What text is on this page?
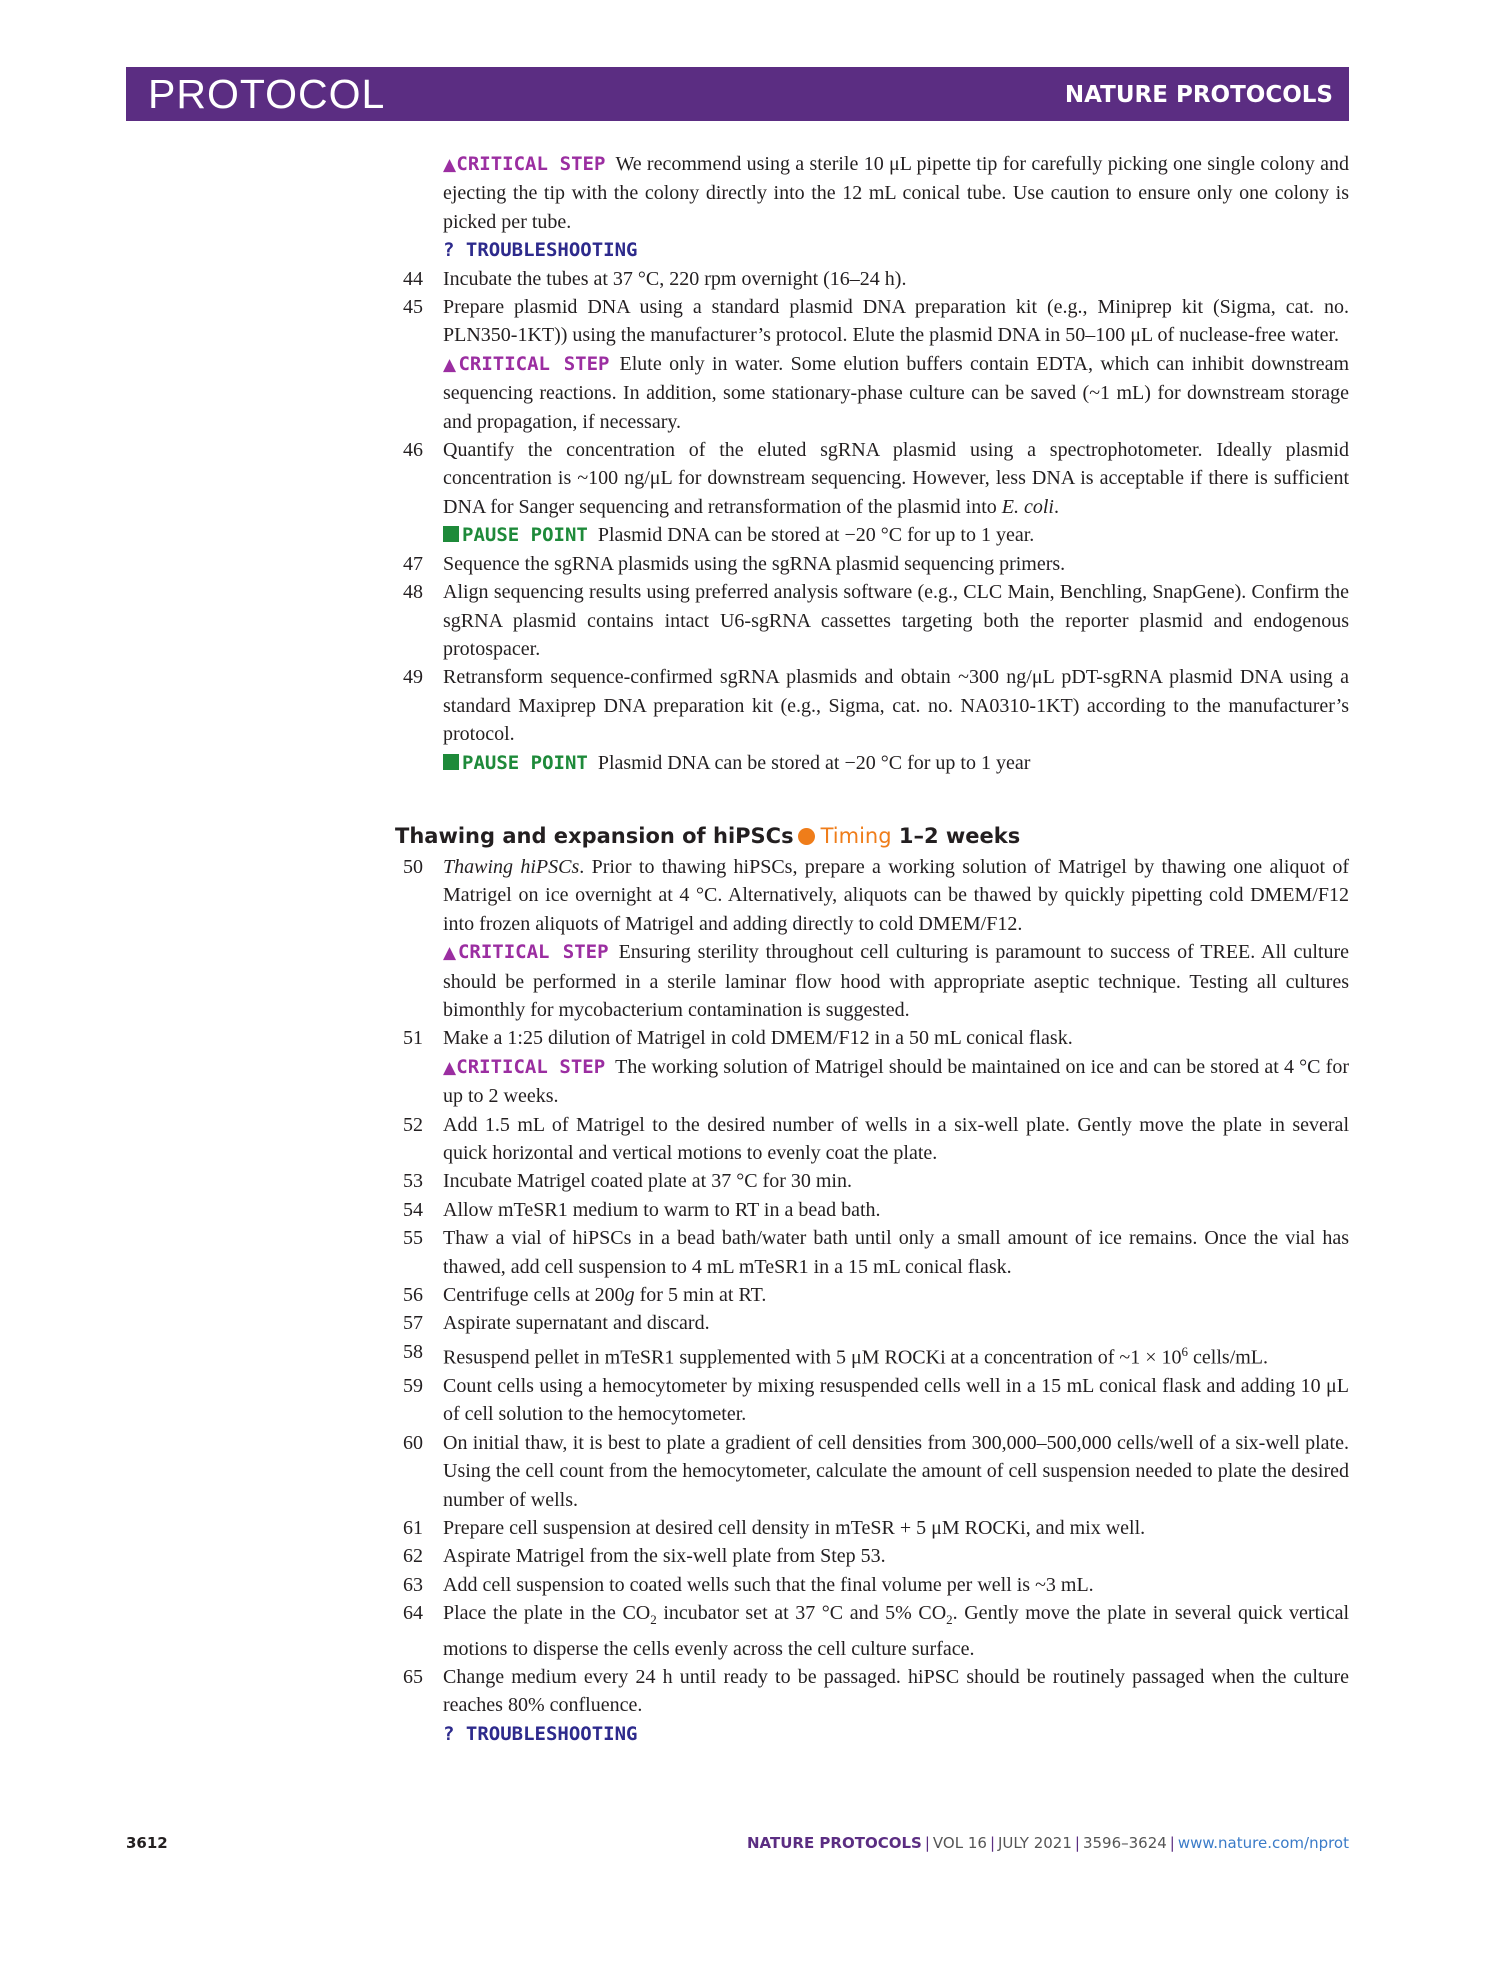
PROTOCOL	NATURE PROTOCOLS
▲CRITICAL STEP We recommend using a sterile 10 μL pipette tip for carefully picking one single colony and ejecting the tip with the colony directly into the 12 mL conical tube. Use caution to ensure only one colony is picked per tube.
? TROUBLESHOOTING
44 Incubate the tubes at 37 °C, 220 rpm overnight (16–24 h).
45 Prepare plasmid DNA using a standard plasmid DNA preparation kit (e.g., Miniprep kit (Sigma, cat. no. PLN350-1KT)) using the manufacturer’s protocol. Elute the plasmid DNA in 50–100 μL of nuclease-free water.
▲CRITICAL STEP Elute only in water. Some elution buffers contain EDTA, which can inhibit downstream sequencing reactions. In addition, some stationary-phase culture can be saved (~1 mL) for downstream storage and propagation, if necessary.
46 Quantify the concentration of the eluted sgRNA plasmid using a spectrophotometer. Ideally plasmid concentration is ~100 ng/μL for downstream sequencing. However, less DNA is acceptable if there is sufficient DNA for Sanger sequencing and retransformation of the plasmid into E. coli.
PAUSE POINT Plasmid DNA can be stored at −20 °C for up to 1 year.
47 Sequence the sgRNA plasmids using the sgRNA plasmid sequencing primers.
48 Align sequencing results using preferred analysis software (e.g., CLC Main, Benchling, SnapGene). Confirm the sgRNA plasmid contains intact U6-sgRNA cassettes targeting both the reporter plasmid and endogenous protospacer.
49 Retransform sequence-confirmed sgRNA plasmids and obtain ~300 ng/μL pDT-sgRNA plasmid DNA using a standard Maxiprep DNA preparation kit (e.g., Sigma, cat. no. NA0310-1KT) according to the manufacturer’s protocol.
PAUSE POINT Plasmid DNA can be stored at −20 °C for up to 1 year
Thawing and expansion of hiPSCs Timing 1–2 weeks
50 Thawing hiPSCs. Prior to thawing hiPSCs, prepare a working solution of Matrigel by thawing one aliquot of Matrigel on ice overnight at 4 °C. Alternatively, aliquots can be thawed by quickly pipetting cold DMEM/F12 into frozen aliquots of Matrigel and adding directly to cold DMEM/F12.
▲CRITICAL STEP Ensuring sterility throughout cell culturing is paramount to success of TREE. All culture should be performed in a sterile laminar flow hood with appropriate aseptic technique. Testing all cultures bimonthly for mycobacterium contamination is suggested.
51 Make a 1:25 dilution of Matrigel in cold DMEM/F12 in a 50 mL conical flask.
▲CRITICAL STEP The working solution of Matrigel should be maintained on ice and can be stored at 4 °C for up to 2 weeks.
52 Add 1.5 mL of Matrigel to the desired number of wells in a six-well plate. Gently move the plate in several quick horizontal and vertical motions to evenly coat the plate.
53 Incubate Matrigel coated plate at 37 °C for 30 min.
54 Allow mTeSR1 medium to warm to RT in a bead bath.
55 Thaw a vial of hiPSCs in a bead bath/water bath until only a small amount of ice remains. Once the vial has thawed, add cell suspension to 4 mL mTeSR1 in a 15 mL conical flask.
56 Centrifuge cells at 200g for 5 min at RT.
57 Aspirate supernatant and discard.
58 Resuspend pellet in mTeSR1 supplemented with 5 μM ROCKi at a concentration of ~1 × $10^6$ cells/mL.
59 Count cells using a hemocytometer by mixing resuspended cells well in a 15 mL conical flask and adding 10 μL of cell solution to the hemocytometer.
60 On initial thaw, it is best to plate a gradient of cell densities from 300,000–500,000 cells/well of a six-well plate. Using the cell count from the hemocytometer, calculate the amount of cell suspension needed to plate the desired number of wells.
61 Prepare cell suspension at desired cell density in mTeSR + 5 μM ROCKi, and mix well.
62 Aspirate Matrigel from the six-well plate from Step 53.
63 Add cell suspension to coated wells such that the final volume per well is ~3 mL.
64 Place the plate in the $CO_2$ incubator set at 37 °C and 5% $CO_2$. Gently move the plate in several quick vertical motions to disperse the cells evenly across the cell culture surface.
65 Change medium every 24 h until ready to be passaged. hiPSC should be routinely passaged when the culture reaches 80% confluence.
? TROUBLESHOOTING
3612	NATURE PROTOCOLS | VOL 16 | JULY 2021 | 3596–3624 | www.nature.com/nprot
